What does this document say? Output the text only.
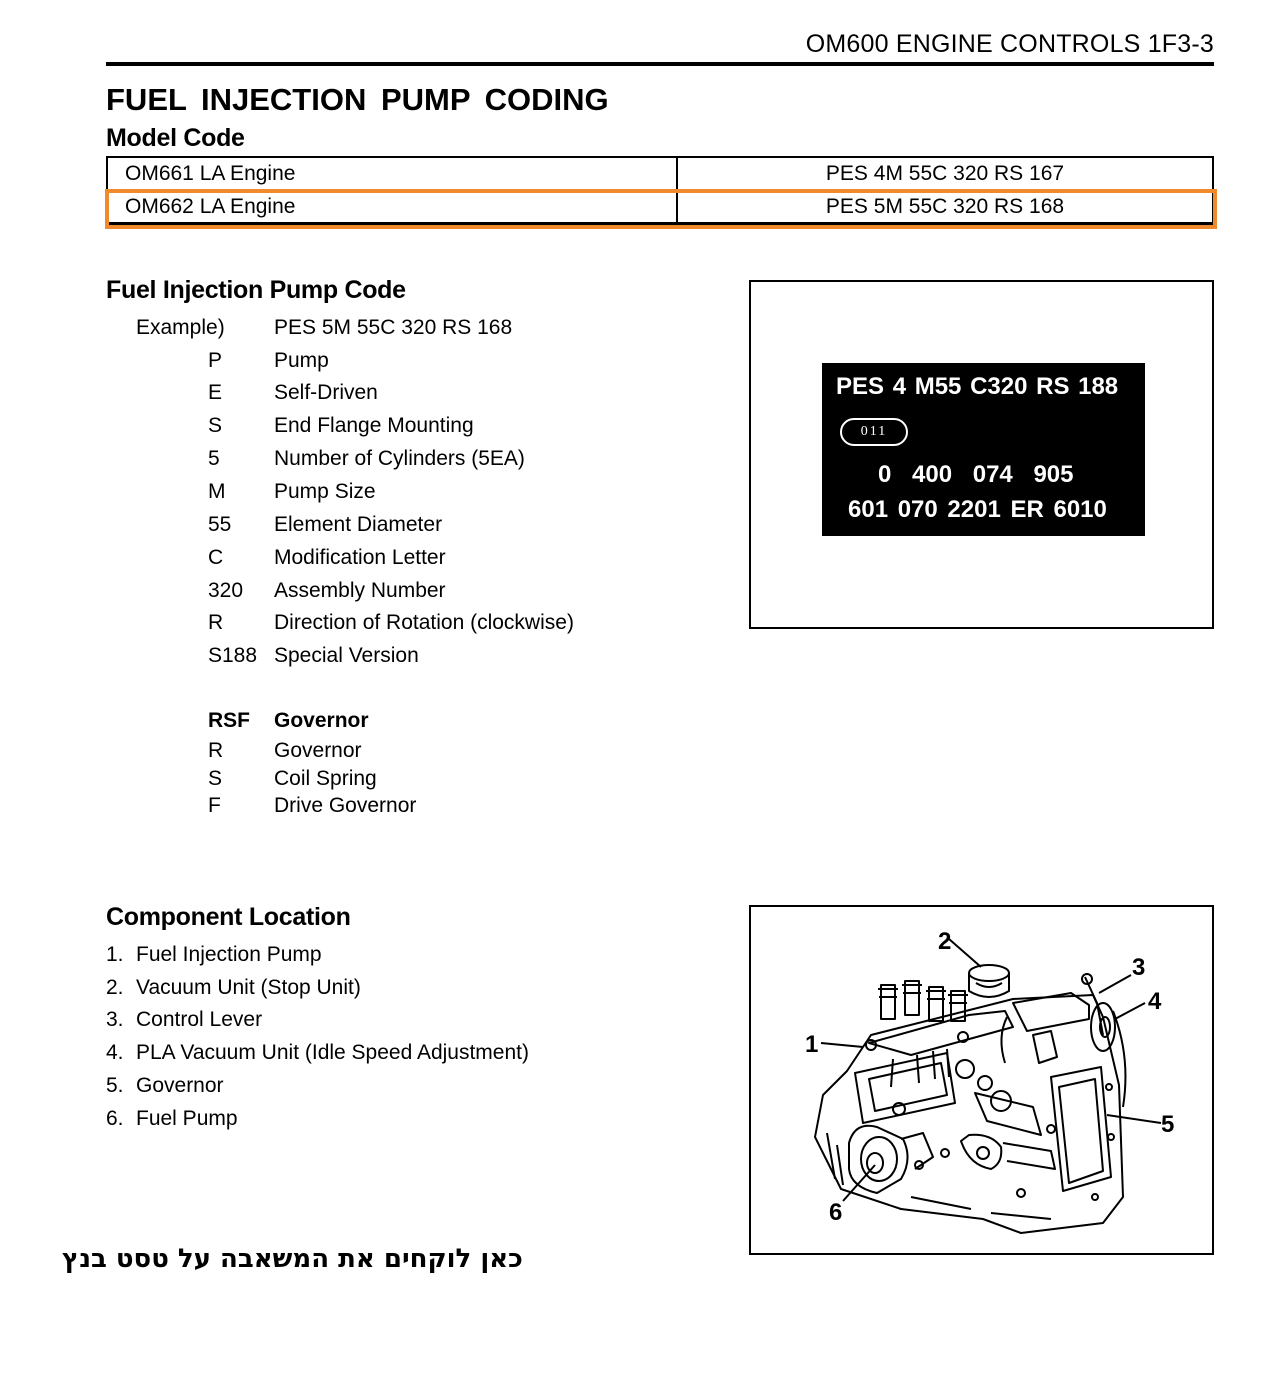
OM600 ENGINE CONTROLS 1F3-3
FUEL INJECTION PUMP CODING
Model Code
OM661 LA Engine	PES 4M 55C 320 RS 167
OM662 LA Engine	PES 5M 55C 320 RS 168
Fuel Injection Pump Code
Example) PES 5M 55C 320 RS 168
P Pump
E Self-Driven
S End Flange Mounting
5	Number of Cylinders (5EA)
M Pump Size
55 Element Diameter
C Modification Letter
320 Assembly Number
R Direction of Rotation (clockwise)
S188 Special Version
RSF Governor
R Governor
S Coil Spring
F	Drive Governor
PES 4 M55 C320 RS 188
011
0 400 074 905
601 070 2201 ER 6010
Component Location
1. Fuel Injection Pump
2. Vacuum Unit (Stop Unit)
3. Control Lever
4. PLA Vacuum Unit (Idle Speed Adjustment)
5. Governor
6. Fuel Pump
1
2
3
4
5
6
כאן לוקחים את המשאבה על טסט בנץ
